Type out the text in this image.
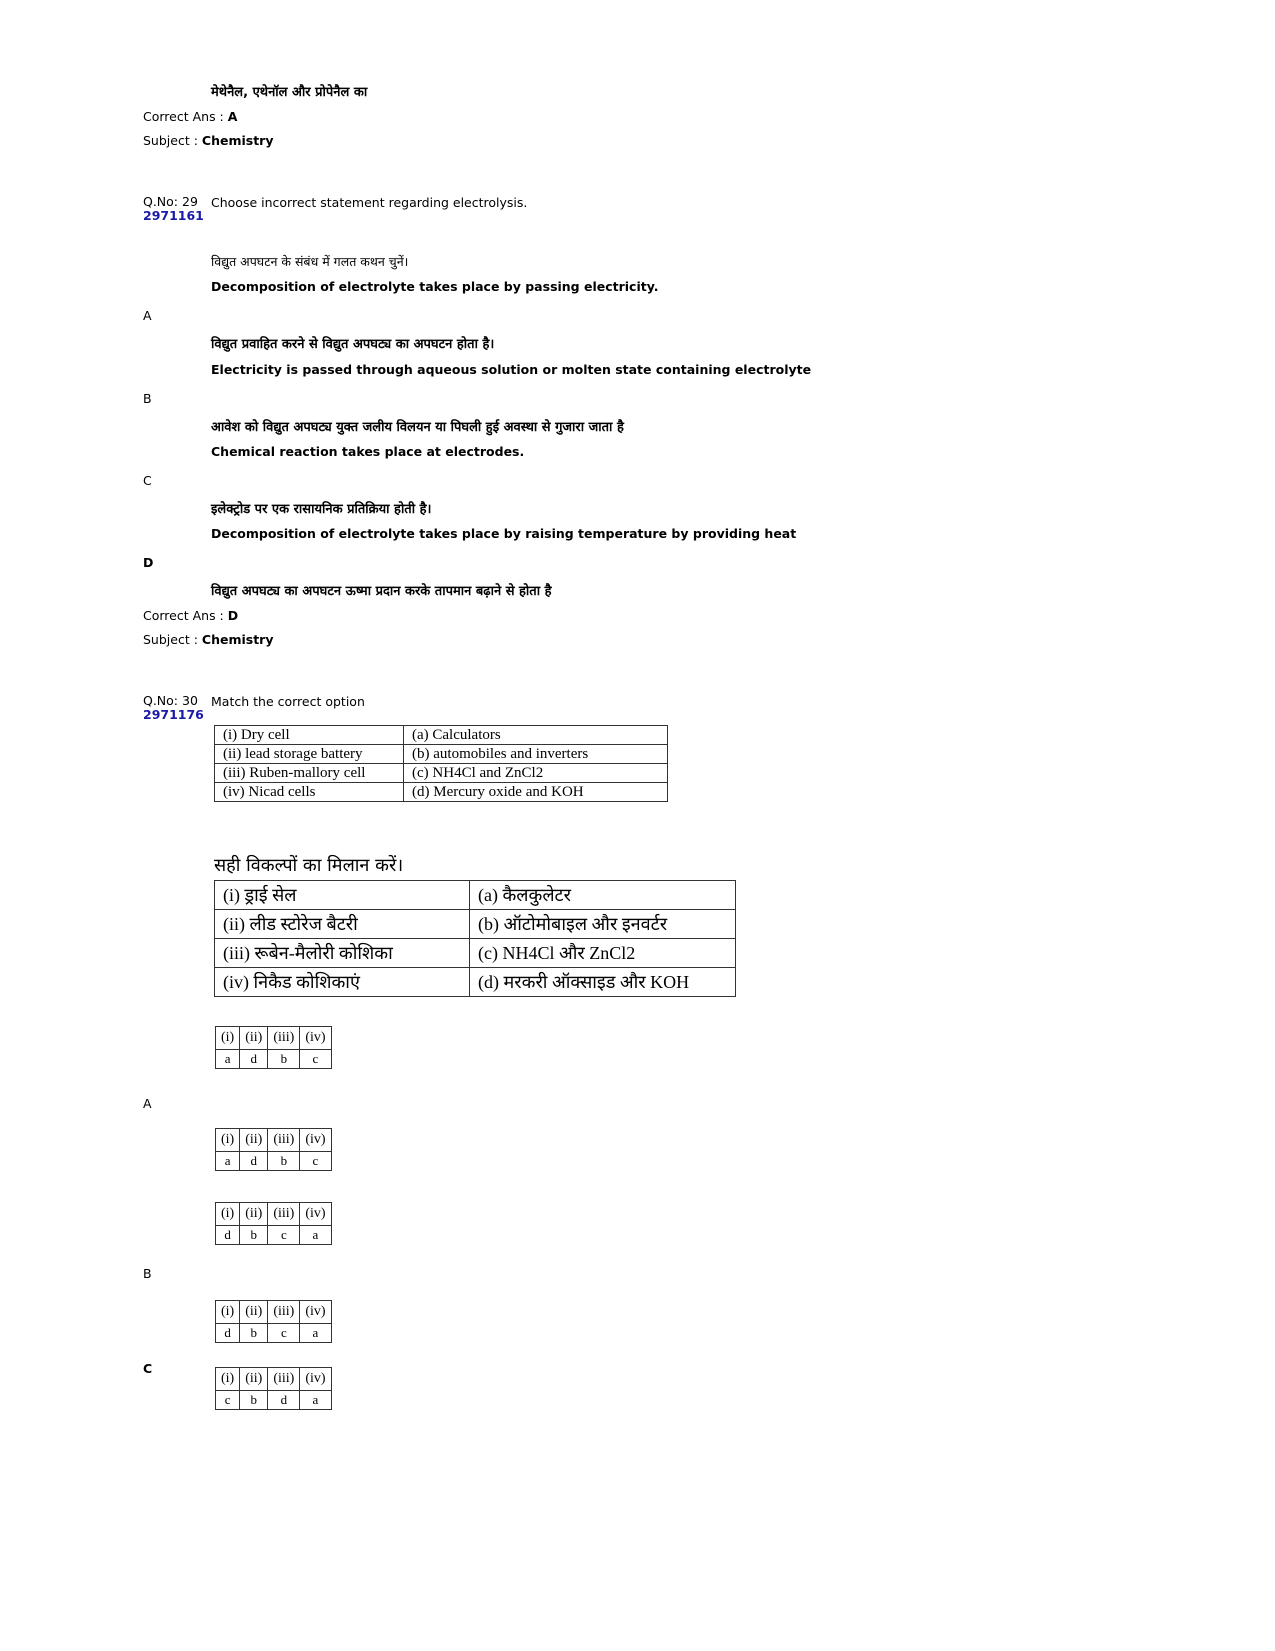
मेथेनैल, एथेनॉल और प्रोपेनैल का
Correct Ans : A
Subject : Chemistry
Q.No: 29
2971161
Choose incorrect statement regarding electrolysis.
विद्युत अपघटन के संबंध में गलत कथन चुनें।
Decomposition of electrolyte takes place by passing electricity.
A
विद्युत प्रवाहित करने से विद्युत अपघट्य का अपघटन होता है।
Electricity is passed through aqueous solution or molten state containing electrolyte
B
आवेश को विद्युत अपघट्य युक्त जलीय विलयन या पिघली हुई अवस्था से गुजारा जाता है
Chemical reaction takes place at electrodes.
C
इलेक्ट्रोड पर एक रासायनिक प्रतिक्रिया होती है।
Decomposition of electrolyte takes place by raising temperature by providing heat
D
विद्युत अपघट्य का अपघटन ऊष्मा प्रदान करके तापमान बढ़ाने से होता है
Correct Ans : D
Subject : Chemistry
Q.No: 30
2971176
Match the correct option
(i) Dry cell	(a) Calculators
(ii) lead storage battery	(b) automobiles and inverters
(iii) Ruben-mallory cell	(c) NH4Cl and ZnCl2
(iv) Nicad cells	(d) Mercury oxide and KOH
सही विकल्पों का मिलान करें।
(i) ड्राई सेल	(a) कैलकुलेटर
(ii) लीड स्टोरेज बैटरी	(b) ऑटोमोबाइल और इनवर्टर
(iii) रूबेन-मैलोरी कोशिका	(c) NH4Cl और ZnCl2
(iv) निकैड कोशिकाएं	(d) मरकरी ऑक्साइड और KOH
(i)	(ii)	(iii)	(iv)
a	d	b	c
A
(i)	(ii)	(iii)	(iv)
a	d	b	c
(i)	(ii)	(iii)	(iv)
d	b	c	a
B
(i)	(ii)	(iii)	(iv)
d	b	c	a
C
(i)	(ii)	(iii)	(iv)
c	b	d	a
